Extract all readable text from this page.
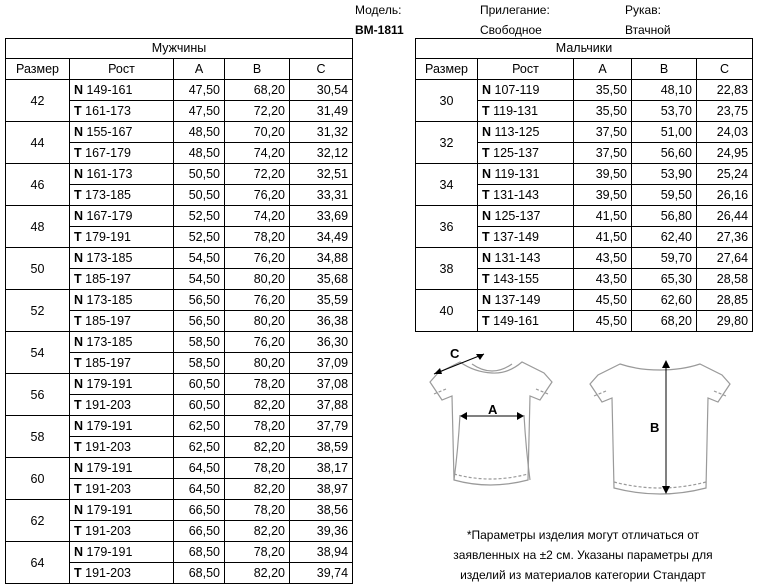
Модель:
BM-1811
Прилегание:
Свободное
Рукав:
Втачной
Мужчины				
Размер	Рост	A	B	C
42	N 149-161	47,50	68,20	30,54
	T 161-173	47,50	72,20	31,49
44	N 155-167	48,50	70,20	31,32
	T 167-179	48,50	74,20	32,12
46	N 161-173	50,50	72,20	32,51
	T 173-185	50,50	76,20	33,31
48	N 167-179	52,50	74,20	33,69
	T 179-191	52,50	78,20	34,49
50	N 173-185	54,50	76,20	34,88
	T 185-197	54,50	80,20	35,68
52	N 173-185	56,50	76,20	35,59
	T 185-197	56,50	80,20	36,38
54	N 173-185	58,50	76,20	36,30
	T 185-197	58,50	80,20	37,09
56	N 179-191	60,50	78,20	37,08
	T 191-203	60,50	82,20	37,88
58	N 179-191	62,50	78,20	37,79
	T 191-203	62,50	82,20	38,59
60	N 179-191	64,50	78,20	38,17
	T 191-203	64,50	82,20	38,97
62	N 179-191	66,50	78,20	38,56
	T 191-203	66,50	82,20	39,36
64	N 179-191	68,50	78,20	38,94
	T 191-203	68,50	82,20	39,74
Мальчики				
Размер	Рост	A	B	C
30	N 107-119	35,50	48,10	22,83
	T 119-131	35,50	53,70	23,75
32	N 113-125	37,50	51,00	24,03
	T 125-137	37,50	56,60	24,95
34	N 119-131	39,50	53,90	25,24
	T 131-143	39,50	59,50	26,16
36	N 125-137	41,50	56,80	26,44
	T 137-149	41,50	62,40	27,36
38	N 131-143	43,50	59,70	27,64
	T 143-155	43,50	65,30	28,58
40	N 137-149	45,50	62,60	28,85
	T 149-161	45,50	68,20	29,80
C
A
B
*Параметры изделия могут отличаться от
заявленных на ±2 см. Указаны параметры для
изделий из материалов категории Стандарт
